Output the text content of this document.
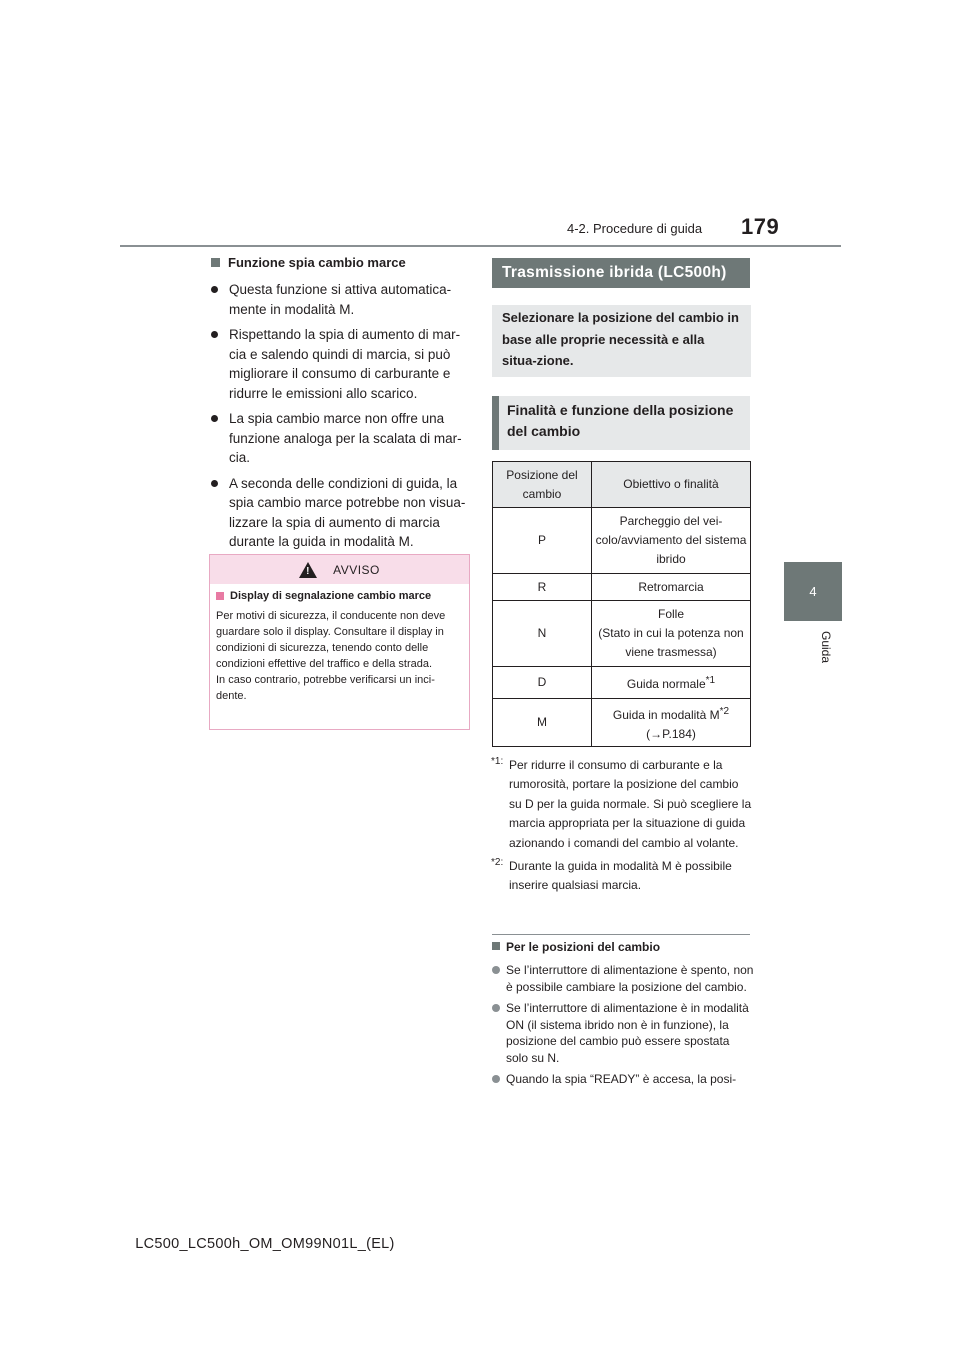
179
4-2. Procedure di guida
4
Guida
Funzione spia cambio marce
Questa funzione si attiva automatica-mente in modalità M.
Rispettando la spia di aumento di mar-cia e salendo quindi di marcia, si può migliorare il consumo di carburante e ridurre le emissioni allo scarico.
La spia cambio marce non offre una funzione analoga per la scalata di mar-cia.
A seconda delle condizioni di guida, la spia cambio marce potrebbe non visua-lizzare la spia di aumento di marcia durante la guida in modalità M.
! AVVISO
Display di segnalazione cambio marce
Per motivi di sicurezza, il conducente non deve guardare solo il display. Consultare il display in condizioni di sicurezza, tenendo conto delle condizioni effettive del traffico e della strada.
In caso contrario, potrebbe verificarsi un inci-dente.
Trasmissione ibrida (LC500h)
Selezionare la posizione del cambio in base alle proprie necessità e alla situa-zione.
Finalità e funzione della posizione del cambio
Posizione del cambio	Obiettivo o finalità
P	Parcheggio del vei-colo/avviamento del sistema ibrido
R	Retromarcia
N	Folle
(Stato in cui la potenza non viene trasmessa)

D	Guida normale$^{*1}$
M	Guida in modalità $M^{*2}$
(→P.184)
*1: Per ridurre il consumo di carburante e la rumorosità, portare la posizione del cambio su D per la guida normale. Si può scegliere la marcia appropriata per la situazione di guida azionando i comandi del cambio al volante.
*2: Durante la guida in modalità M è possibile inserire qualsiasi marcia.
Per le posizioni del cambio
Se l’interruttore di alimentazione è spento, non è possibile cambiare la posizione del cambio.
Se l’interruttore di alimentazione è in modalità ON (il sistema ibrido non è in funzione), la posizione del cambio può essere spostata solo su N.
Quando la spia “READY” è accesa, la posi-
LC500_LC500h_OM_OM99N01L_(EL)
